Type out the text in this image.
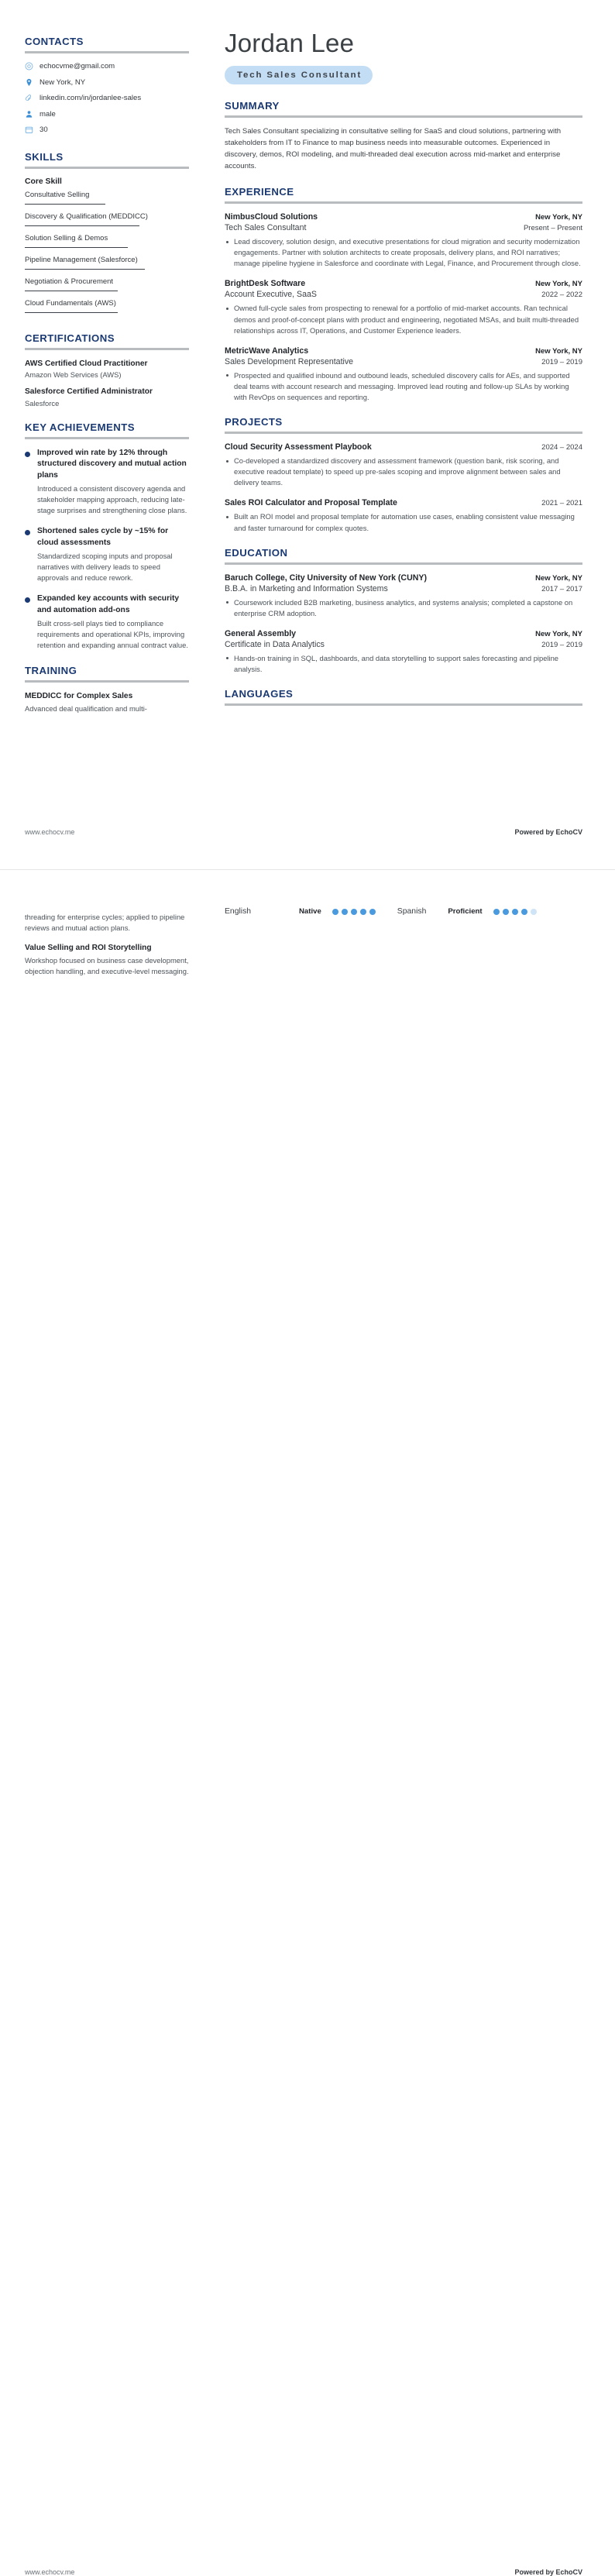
CONTACTS
echocvme@gmail.com
New York, NY
linkedin.com/in/jordanlee-sales
male
30
SKILLS
Core Skill
Consultative Selling
Discovery & Qualification (MEDDICC)
Solution Selling & Demos
Pipeline Management (Salesforce)
Negotiation & Procurement
Cloud Fundamentals (AWS)
CERTIFICATIONS
AWS Certified Cloud Practitioner
Amazon Web Services (AWS)
Salesforce Certified Administrator
Salesforce
KEY ACHIEVEMENTS
Improved win rate by 12% through structured discovery and mutual action plans
Introduced a consistent discovery agenda and stakeholder mapping approach, reducing late-stage surprises and strengthening close plans.
Shortened sales cycle by ~15% for cloud assessments
Standardized scoping inputs and proposal narratives with delivery leads to speed approvals and reduce rework.
Expanded key accounts with security and automation add-ons
Built cross-sell plays tied to compliance requirements and operational KPIs, improving retention and expanding annual contract value.
TRAINING
MEDDICC for Complex Sales
Advanced deal qualification and multi-
Jordan Lee
Tech Sales Consultant
SUMMARY
Tech Sales Consultant specializing in consultative selling for SaaS and cloud solutions, partnering with stakeholders from IT to Finance to map business needs into measurable outcomes. Experienced in discovery, demos, ROI modeling, and multi-threaded deal execution across mid-market and enterprise accounts.
EXPERIENCE
NimbusCloud Solutions	New York, NY
Tech Sales Consultant	Present – Present
Lead discovery, solution design, and executive presentations for cloud migration and security modernization engagements. Partner with solution architects to create proposals, delivery plans, and ROI narratives; manage pipeline hygiene in Salesforce and coordinate with Legal, Finance, and Procurement through close.
BrightDesk Software	New York, NY
Account Executive, SaaS	2022 – 2022
Owned full-cycle sales from prospecting to renewal for a portfolio of mid-market accounts. Ran technical demos and proof-of-concept plans with product and engineering, negotiated MSAs, and built multi-threaded relationships across IT, Operations, and Customer Experience leaders.
MetricWave Analytics	New York, NY
Sales Development Representative	2019 – 2019
Prospected and qualified inbound and outbound leads, scheduled discovery calls for AEs, and supported deal teams with account research and messaging. Improved lead routing and follow-up SLAs by working with RevOps on sequences and reporting.
PROJECTS
Cloud Security Assessment Playbook	2024 – 2024
Co-developed a standardized discovery and assessment framework (question bank, risk scoring, and executive readout template) to speed up pre-sales scoping and improve alignment between sales and delivery teams.
Sales ROI Calculator and Proposal Template	2021 – 2021
Built an ROI model and proposal template for automation use cases, enabling consistent value messaging and faster turnaround for complex quotes.
EDUCATION
Baruch College, City University of New York (CUNY)	New York, NY
B.B.A. in Marketing and Information Systems	2017 – 2017
Coursework included B2B marketing, business analytics, and systems analysis; completed a capstone on enterprise CRM adoption.
General Assembly	New York, NY
Certificate in Data Analytics	2019 – 2019
Hands-on training in SQL, dashboards, and data storytelling to support sales forecasting and pipeline analysis.
LANGUAGES
www.echocv.me	Powered by EchoCV
threading for enterprise cycles; applied to pipeline reviews and mutual action plans.
Value Selling and ROI Storytelling
Workshop focused on business case development, objection handling, and executive-level messaging.
English	Native	Spanish	Proficient
www.echocv.me	Powered by EchoCV
